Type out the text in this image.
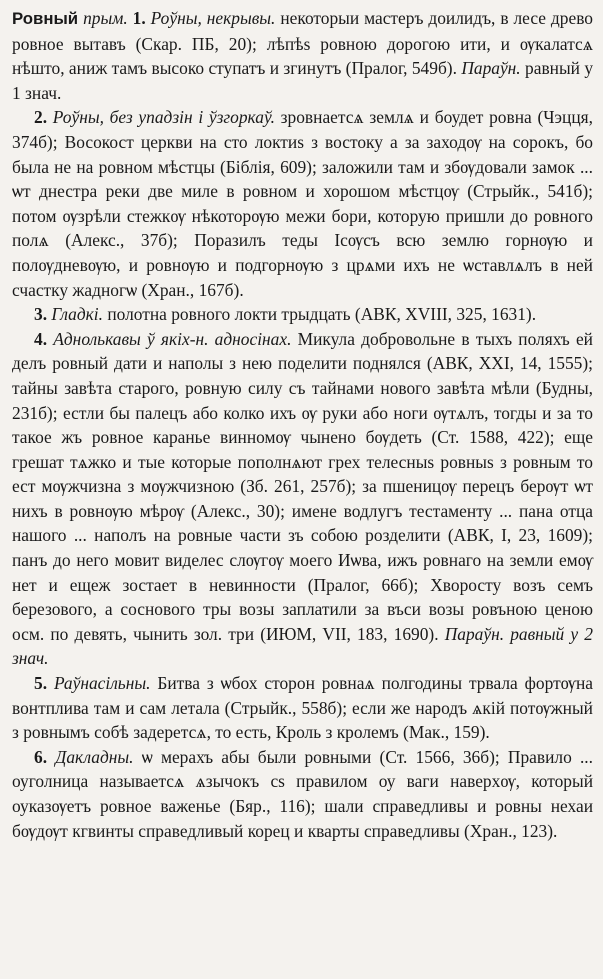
Ровный прым. 1. Роўны, некрывы. некоторыи мастеръ доилидъ, в лесе древо ровное вытавъ (Скар. ПБ, 20); лѣпѣs ровною дорогою ити, и ѹкалатсѧ нѣшто, аниж тамъ высоко ступатъ и згинутъ (Пралог, 549б). Параўн. равный у 1 знач.

2. Роўны, без упадзін і ўзгоркаў. зровнаетсѧ землѧ и боудет ровна (Чэцця, 374б); Восокост церкви на сто локтиs з востоку а за заходѹ на сорокъ, бо была не на ровном мѣстцы (Біблія, 609); заложили там и збѹдовали замок ... ѡт днестра реки две миле в ровном и хорошом мѣстцѹ (Стрыйк., 541б); потом ѹзрѣли стежкѹ нѣкоторѹю межи бори, которую пришли до ровного полѧ (Алекс., 37б); Поразилъ теды Ісѹсъ всю землю горнѹю и полѹдневѹю, и ровнѹю и подгорнѹю з црѧми ихъ не ѡставлѧлъ в ней счастку жадногѡ (Хран., 167б).

3. Гладкі. полотна ровного локти трыдцать (АВК, XVIII, 325, 1631).

4. Аднолькавы ў якіх-н. адносінах. Микула добровольне в тыхъ поляхъ ей делъ ровный дати и наполы з нею поделити поднялся (АВК, XXI, 14, 1555); тайны завѣта старого, ровную силу съ тайнами нового завѣта мѣли (Будны, 231б); естли бы палецъ або колко ихъ ѹ руки або ноги ѹтѧлъ, тогды и за то такое жъ ровное каранье винномѹ чынено бѹдеть (Ст. 1588, 422); еще грешат тѧжко и тые которые пополнѧют грех телесныs ровныs з ровным то ест мѹжчизна з мѹжчизною (Зб. 261, 257б); за пшеницѹ перецъ берѹт ѡт нихъ в ровнѹю мѣрѹ (Алекс., 30); имене водлугъ тестаменту ... пана отца нашого ... наполъ на ровные части зъ собою розделити (АВК, I, 23, 1609); панъ до него мовит виделес слѹгѹ моего Иѡва, ижъ ровнаго на земли емѹ нет и ещеж зостает в невинности (Пралог, 66б); Хворосту возъ семъ березового, а соснового тры возы заплатили за въси возы ровъною ценою осм. по девять, чынить зол. три (ИЮМ, VII, 183, 1690). Параўн. равный у 2 знач.

5. Раўнасільны. Битва з ѡбох сторон ровнаѧ полгодины трвала фортѹна вонтплива там и сам летала (Стрыйк., 558б); если же народъ ѧкій потѹжный з ровнымъ собѣ задеретсѧ, то есть, Кроль з кролемъ (Мак., 159).

6. Дакладны. ѡ мерахъ абы были ровными (Ст. 1566, 36б); Правило ... оуголница называетсѧ ѧзычокъ сs правилом оу ваги наверхѹ, который оуказѹетъ ровное важенье (Бяр., 116); шали справедливы и ровны нехаи бѹдѹт кгвинты справедливый корец и кварты справедливы (Хран., 123).
